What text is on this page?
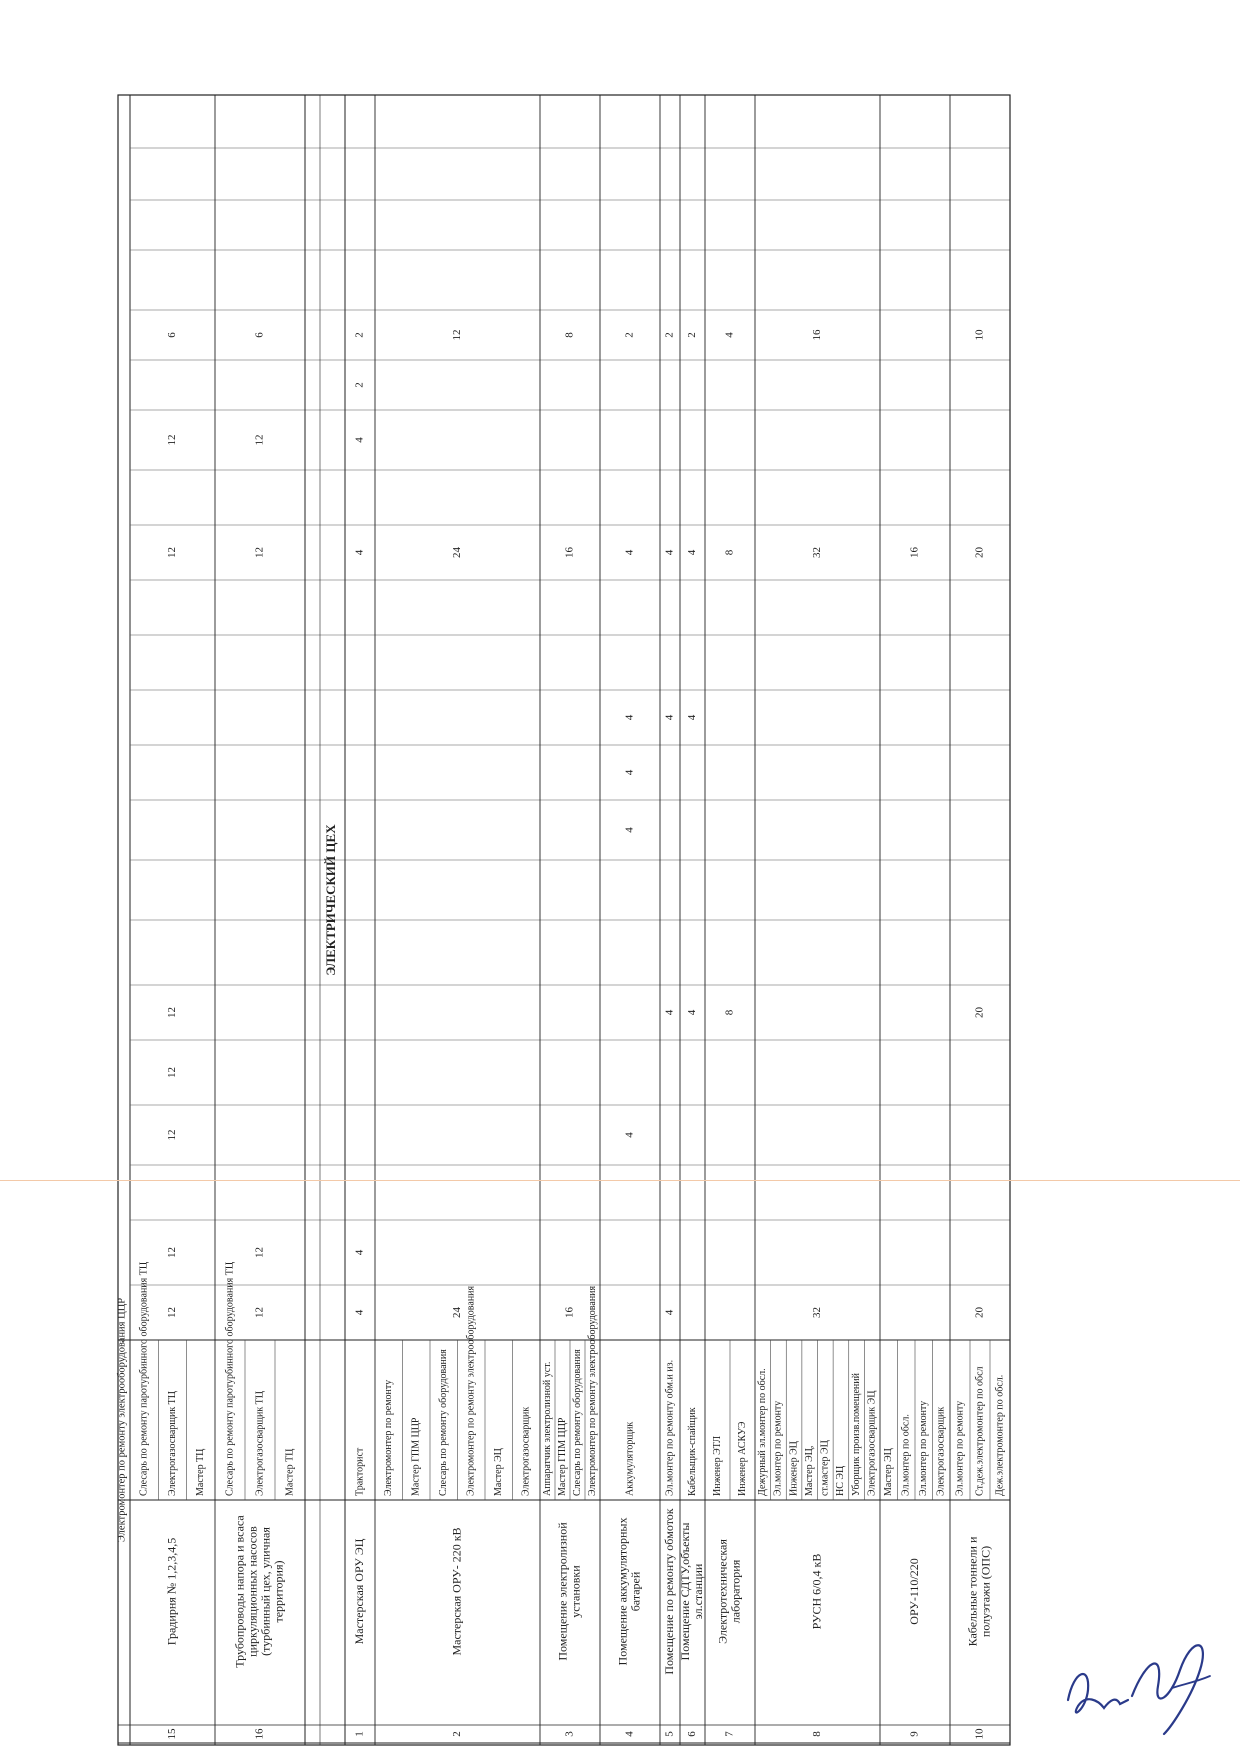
ЭЛЕКТРИЧЕСКИЙ ЦЕХ
Электромонтер по ремонту электрооборудования ЦЦР
15
Градирня № 1,2,3,4,5
Слесарь по ремонту паротурбинного оборудования ТЦ Электрогазосварщик ТЦ Мастер ТЦ
12
12
12
12
12
12
12
6
16
Трубопроводы напора и всаса циркуляционных насосов (турбинный цех, уличная территория)
Слесарь по ремонту паротурбинного оборудования ТЦ Электрогазосварщик ТЦ Мастер ТЦ
12
12
12
12
6
1
Мастерская ОРУ ЭЦ
Тракторист
4
4
4
4
2
2
2
Мастерская ОРУ- 220 кВ
Электромонтер по ремонту Мастер ГПМ ЦЦР Слесарь по ремонту оборудования Электромонтер по ремонту электрооборудования Мастер ЭЦ Электрогазосварщик
24
24
12
3
Помещение электролизной установки
Аппаратчик электролизной уст. Мастер ГПМ ЦЦР Слесарь по ремонту оборудования Электромонтер по ремонту электрооборудования
16
16
8
4
Помещение аккумуляторных батарей
Аккумуляторщик
4
4
4
4
4
2
5
Помещение по ремонту обмоток
Эл.монтер по ремонту обм.и из.
4
4
4
4
2
6
Помещение СДТУ,объекты эл.станции
Кабельщик-спайщик
4
4
4
2
7
Электротехническая лаборатория
Инженер ЭТЛ Инженер АСКУЭ
8
8
4
8
РУСН 6/0,4 кВ
Дежурный эл.монтер по обсл. Эл.монтер по ремонту Инженер ЭЦ Мастер ЭЦ, ст.мастер ЭЦ НС ЭЦ Уборщик произв.помещений Электрогазосварщик ЭЦ
32
32
16
9
ОРУ-110/220
Мастер ЭЦ Эл.монтер по обсл. Эл.монтер по ремонту Электрогазосварщик
16
10
Кабельные тоннели и полуэтажи (ОПС)
Эл.монтер по ремонту Ст.деж.электромонтер по обсл Деж.электромонтер по обсл.
20
20
20
10
